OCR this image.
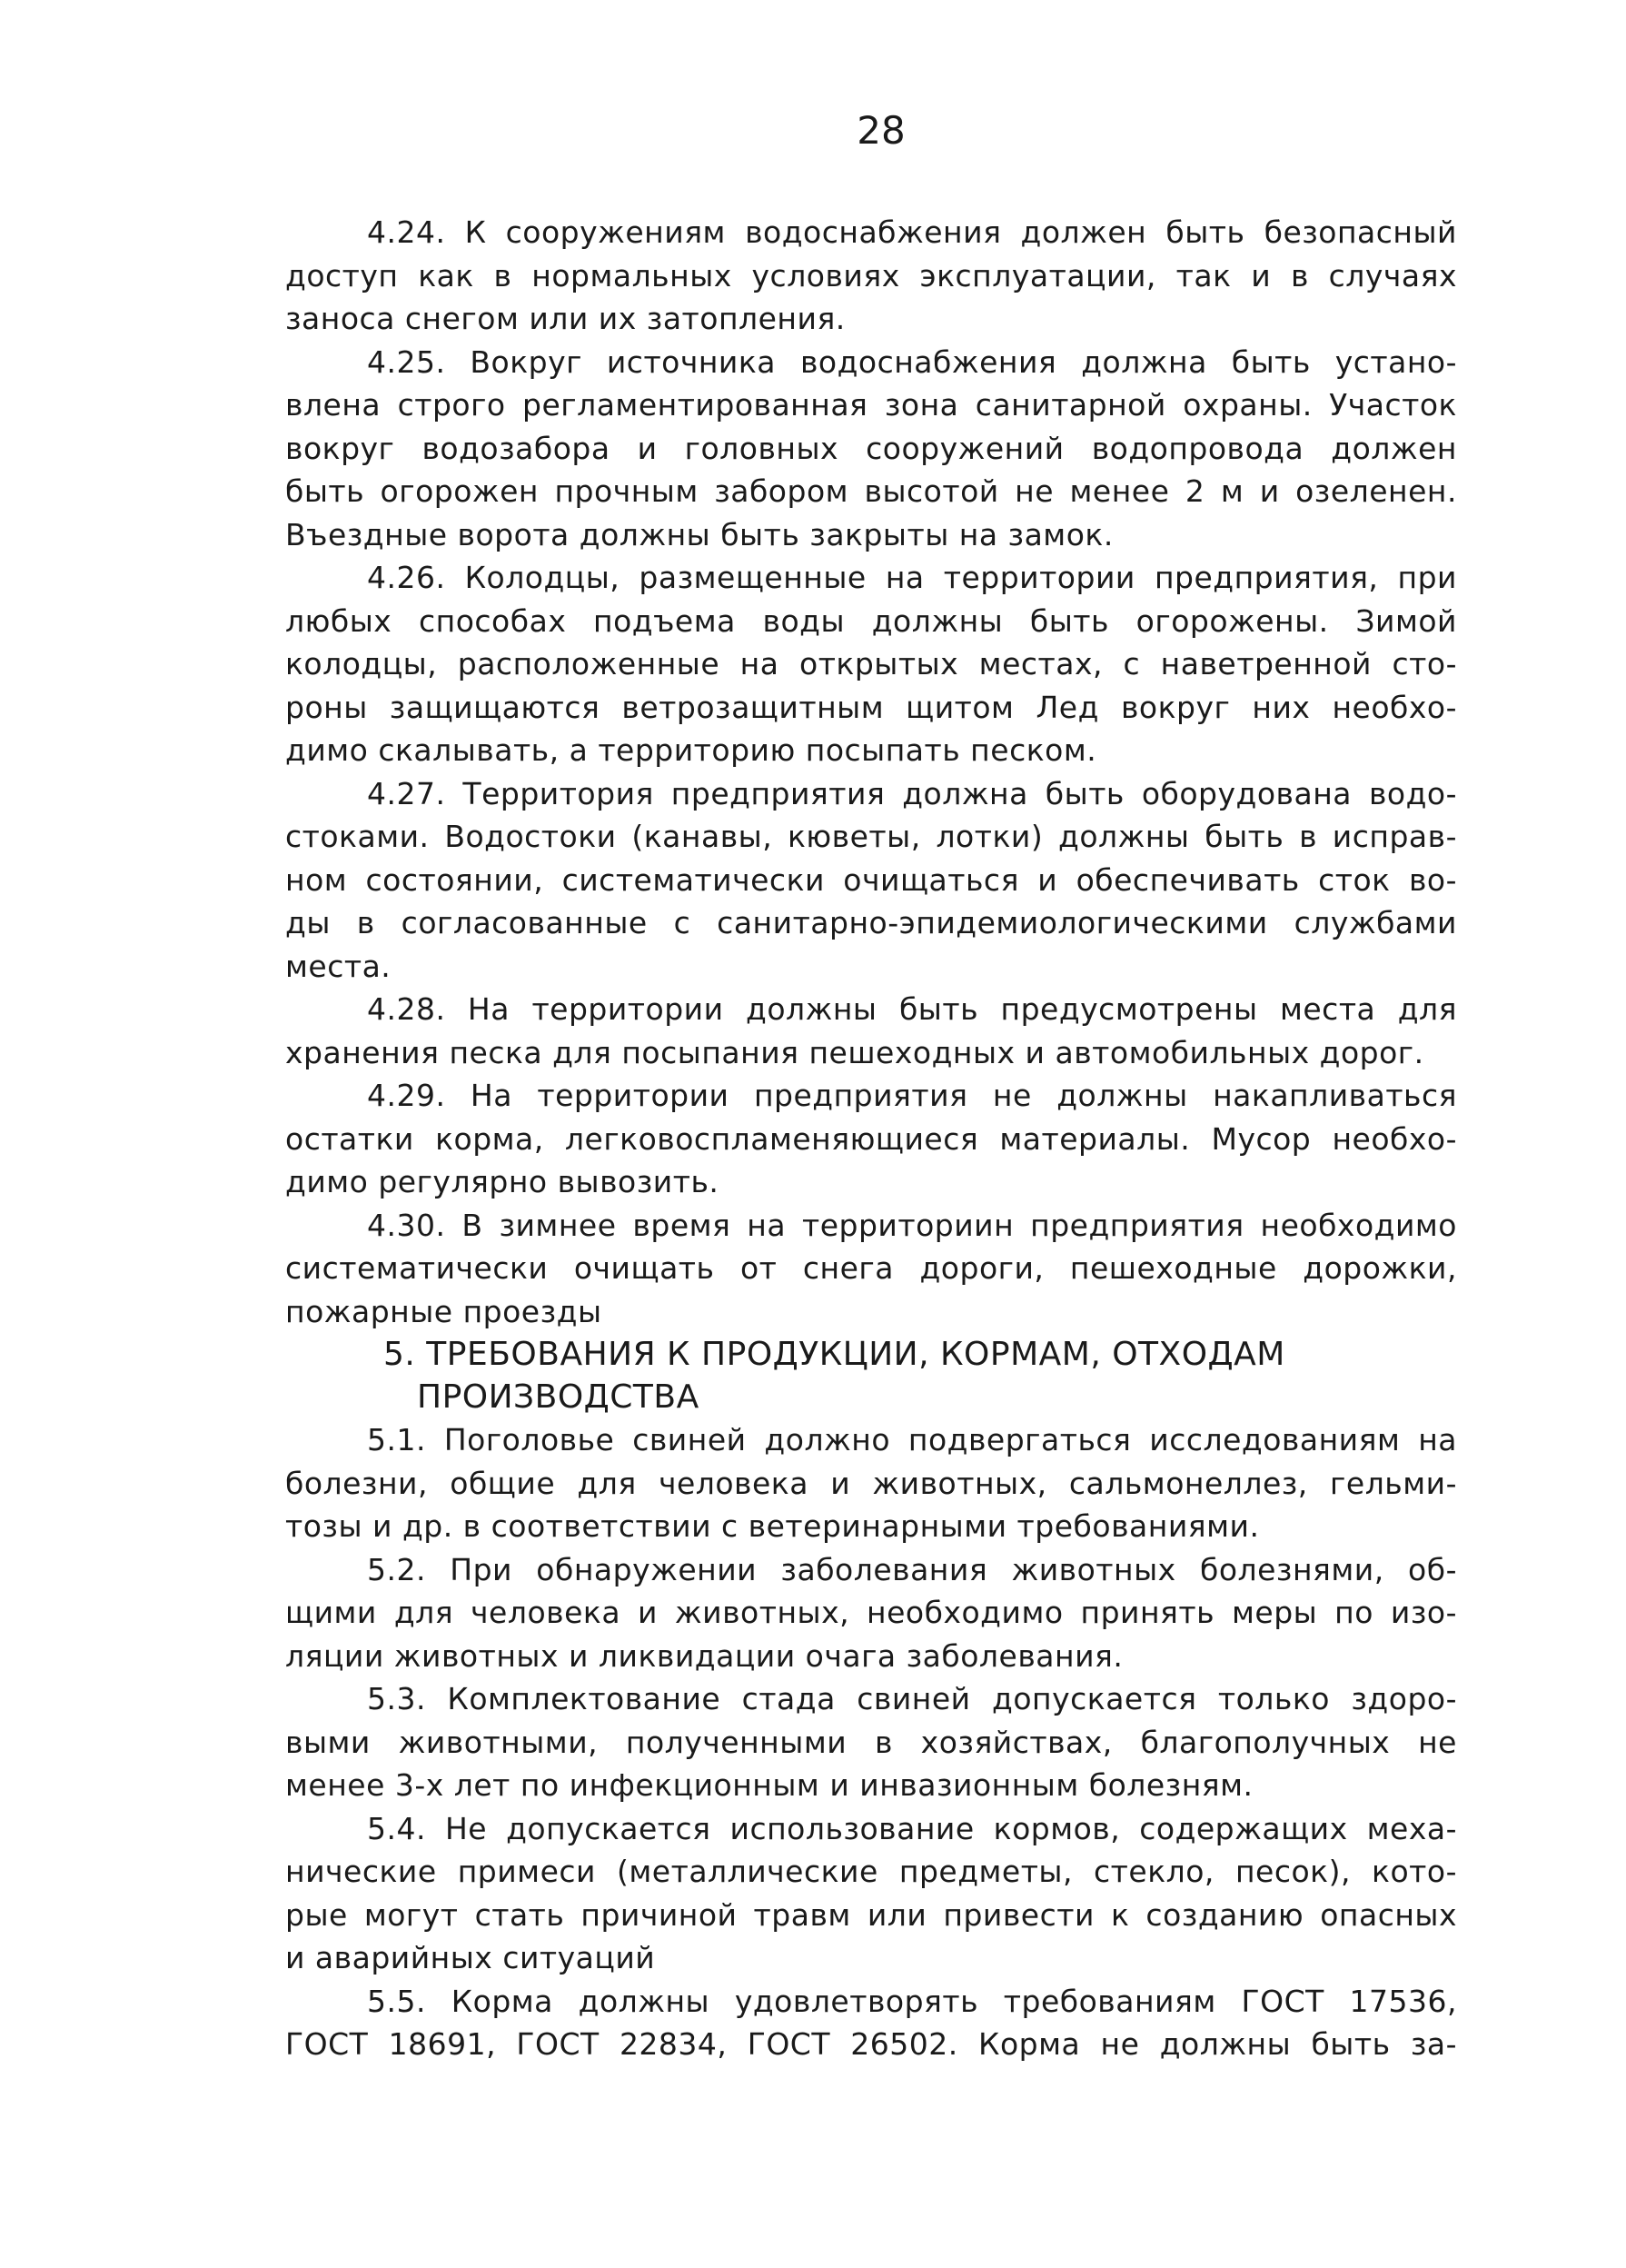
28
4.24. К сооружениям водоснабжения должен быть безопасный
доступ как в нормальных условиях эксплуатации, так и в случаях
заноса снегом или их затопления.
4.25. Вокруг источника водоснабжения должна быть устано-
влена строго регламентированная зона санитарной охраны. Участок
вокруг водозабора и головных сооружений водопровода должен
быть огорожен прочным забором высотой не менее 2 м и озеленен.
Въездные ворота должны быть закрыты на замок.
4.26. Колодцы, размещенные на территории предприятия, при
любых способах подъема воды должны быть огорожены. Зимой
колодцы, расположенные на открытых местах, с наветренной сто-
роны защищаются ветрозащитным щитом Лед вокруг них необхо-
димо скалывать, а территорию посыпать песком.
4.27. Территория предприятия должна быть оборудована водо-
стоками. Водостоки (канавы, кюветы, лотки) должны быть в исправ-
ном состоянии, систематически очищаться и обеспечивать сток во-
ды в согласованные с санитарно-эпидемиологическими службами
места.
4.28. На территории должны быть предусмотрены места для
хранения песка для посыпания пешеходных и автомобильных дорог.
4.29. На территории предприятия не должны накапливаться
остатки корма, легковоспламеняющиеся материалы. Мусор необхо-
димо регулярно вывозить.
4.30. В зимнее время на территориин предприятия необходимо
систематически очищать от снега дороги, пешеходные дорожки,
пожарные проезды
5. ТРЕБОВАНИЯ К ПРОДУКЦИИ, КОРМАМ, ОТХОДАМ
ПРОИЗВОДСТВА
5.1. Поголовье свиней должно подвергаться исследованиям на
болезни, общие для человека и животных, сальмонеллез, гельми-
тозы и др. в соответствии с ветеринарными требованиями.
5.2. При обнаружении заболевания животных болезнями, об-
щими для человека и животных, необходимо принять меры по изо-
ляции животных и ликвидации очага заболевания.
5.3. Комплектование стада свиней допускается только здоро-
выми животными, полученными в хозяйствах, благополучных не
менее 3-х лет по инфекционным и инвазионным болезням.
5.4. Не допускается использование кормов, содержащих меха-
нические примеси (металлические предметы, стекло, песок), кото-
рые могут стать причиной травм или привести к созданию опасных
и аварийных ситуаций
5.5. Корма должны удовлетворять требованиям ГОСТ 17536,
ГОСТ 18691, ГОСТ 22834, ГОСТ 26502. Корма не должны быть за-
